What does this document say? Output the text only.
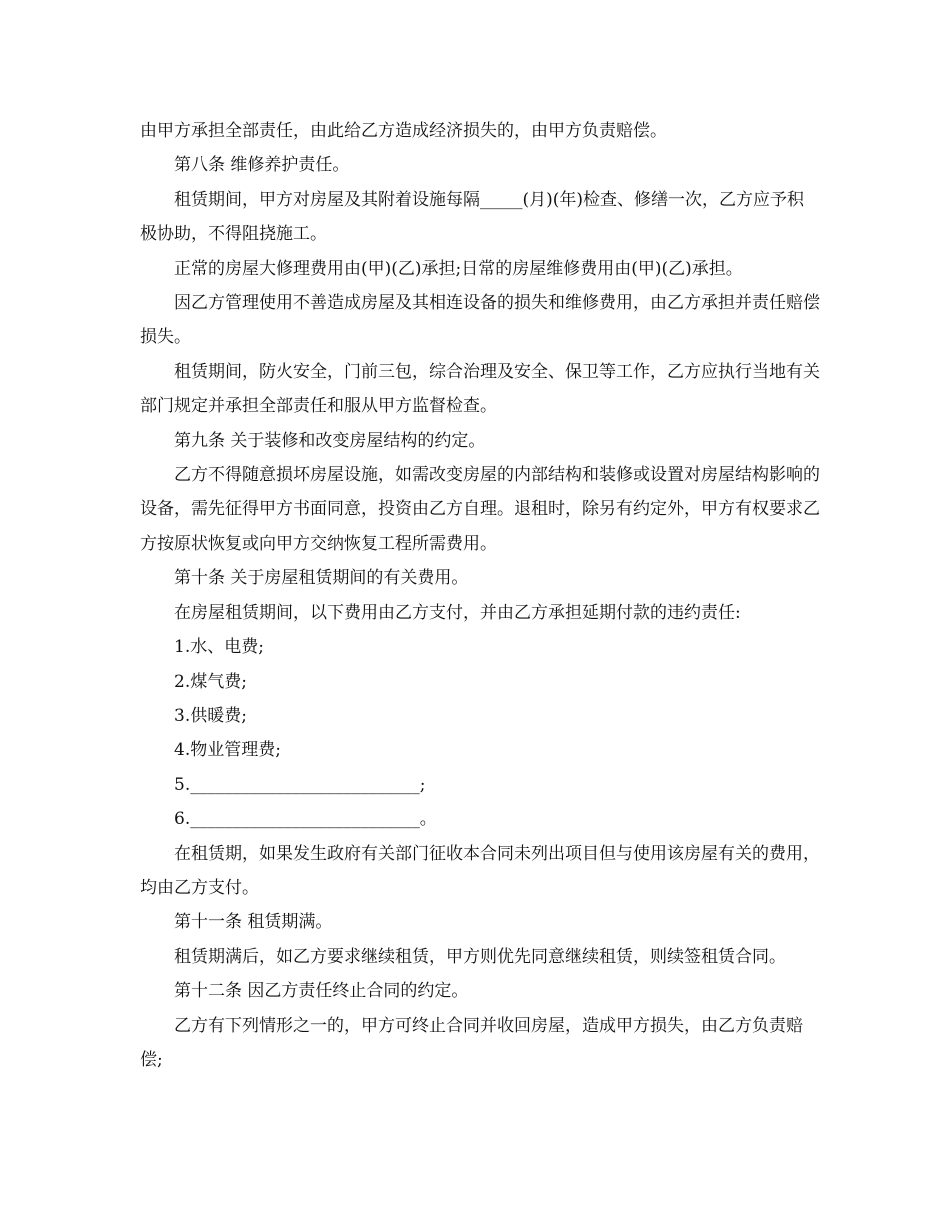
由甲方承担全部责任，由此给乙方造成经济损失的，由甲方负责赔偿。

第八条 维修养护责任。

租赁期间，甲方对房屋及其附着设施每隔_____(月)(年)检查、修缮一次，乙方应予积极协助，不得阻挠施工。

正常的房屋大修理费用由(甲)(乙)承担;日常的房屋维修费用由(甲)(乙)承担。

因乙方管理使用不善造成房屋及其相连设备的损失和维修费用，由乙方承担并责任赔偿损失。

租赁期间，防火安全，门前三包，综合治理及安全、保卫等工作，乙方应执行当地有关部门规定并承担全部责任和服从甲方监督检查。

第九条 关于装修和改变房屋结构的约定。

乙方不得随意损坏房屋设施，如需改变房屋的内部结构和装修或设置对房屋结构影响的设备，需先征得甲方书面同意，投资由乙方自理。退租时，除另有约定外，甲方有权要求乙方按原状恢复或向甲方交纳恢复工程所需费用。

第十条 关于房屋租赁期间的有关费用。

在房屋租赁期间，以下费用由乙方支付，并由乙方承担延期付款的违约责任:

1.水、电费;

2.煤气费;

3.供暖费;

4.物业管理费;

5.___________________________;

6.___________________________。

在租赁期，如果发生政府有关部门征收本合同未列出项目但与使用该房屋有关的费用，均由乙方支付。

第十一条 租赁期满。

租赁期满后，如乙方要求继续租赁，甲方则优先同意继续租赁，则续签租赁合同。

第十二条 因乙方责任终止合同的约定。

乙方有下列情形之一的，甲方可终止合同并收回房屋，造成甲方损失，由乙方负责赔偿;
